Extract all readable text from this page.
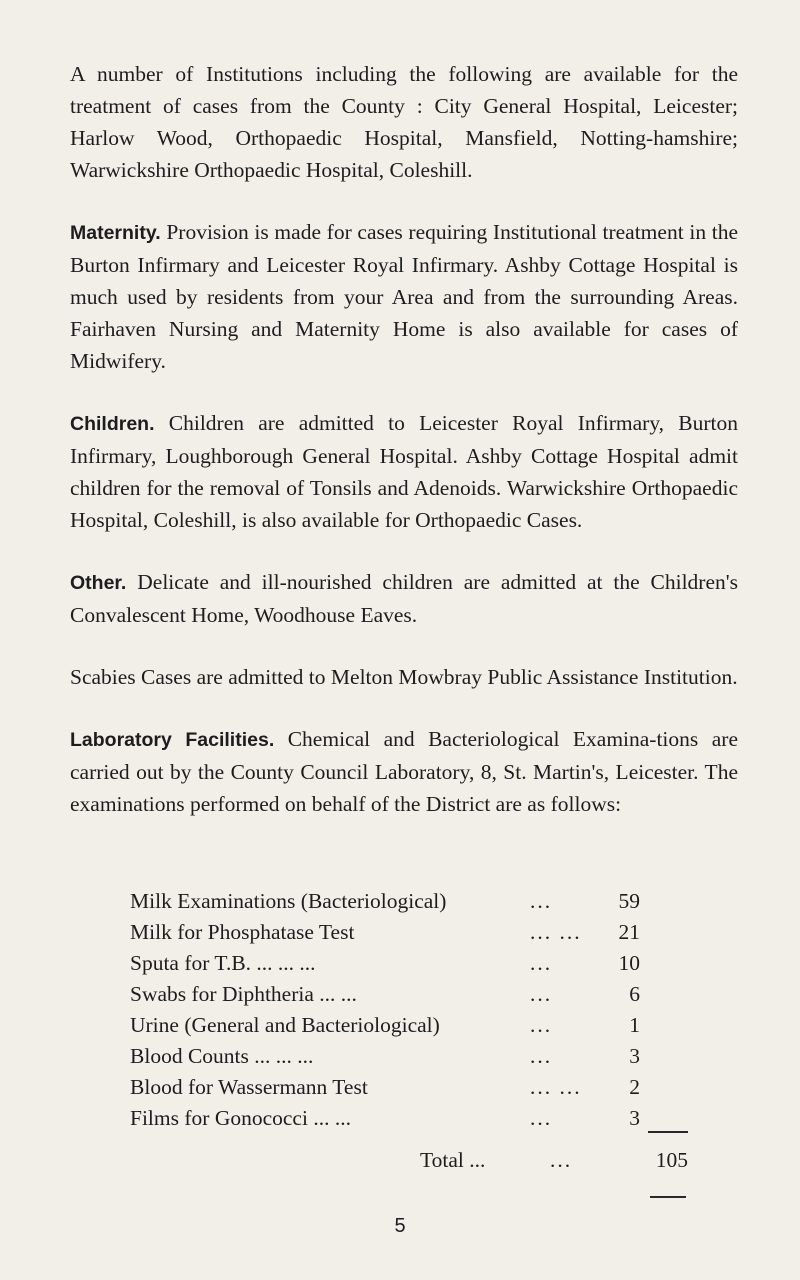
A number of Institutions including the following are available for the treatment of cases from the County : City General Hospital, Leicester; Harlow Wood, Orthopaedic Hospital, Mansfield, Notting-hamshire; Warwickshire Orthopaedic Hospital, Coleshill.

Maternity. Provision is made for cases requiring Institutional treatment in the Burton Infirmary and Leicester Royal Infirmary. Ashby Cottage Hospital is much used by residents from your Area and from the surrounding Areas. Fairhaven Nursing and Maternity Home is also available for cases of Midwifery.

Children. Children are admitted to Leicester Royal Infirmary, Burton Infirmary, Loughborough General Hospital. Ashby Cottage Hospital admit children for the removal of Tonsils and Adenoids. Warwickshire Orthopaedic Hospital, Coleshill, is also available for Orthopaedic Cases.

Other. Delicate and ill-nourished children are admitted at the Children's Convalescent Home, Woodhouse Eaves.

Scabies Cases are admitted to Melton Mowbray Public Assistance Institution.

Laboratory Facilities. Chemical and Bacteriological Examina-tions are carried out by the County Council Laboratory, 8, St. Martin's, Leicester. The examinations performed on behalf of the District are as follows:

Milk Examinations (Bacteriological)	...	59
Milk for Phosphatase Test	... ...	21
Sputa for T.B. ... ... ...	...	10
Swabs for Diphtheria ... ...	...	6
Urine (General and Bacteriological)	...	1
Blood Counts ... ... ...	...	3
Blood for Wassermann Test	... ...	2
Films for Gonococci ... ...	...	3
Total ...	...	105
5
